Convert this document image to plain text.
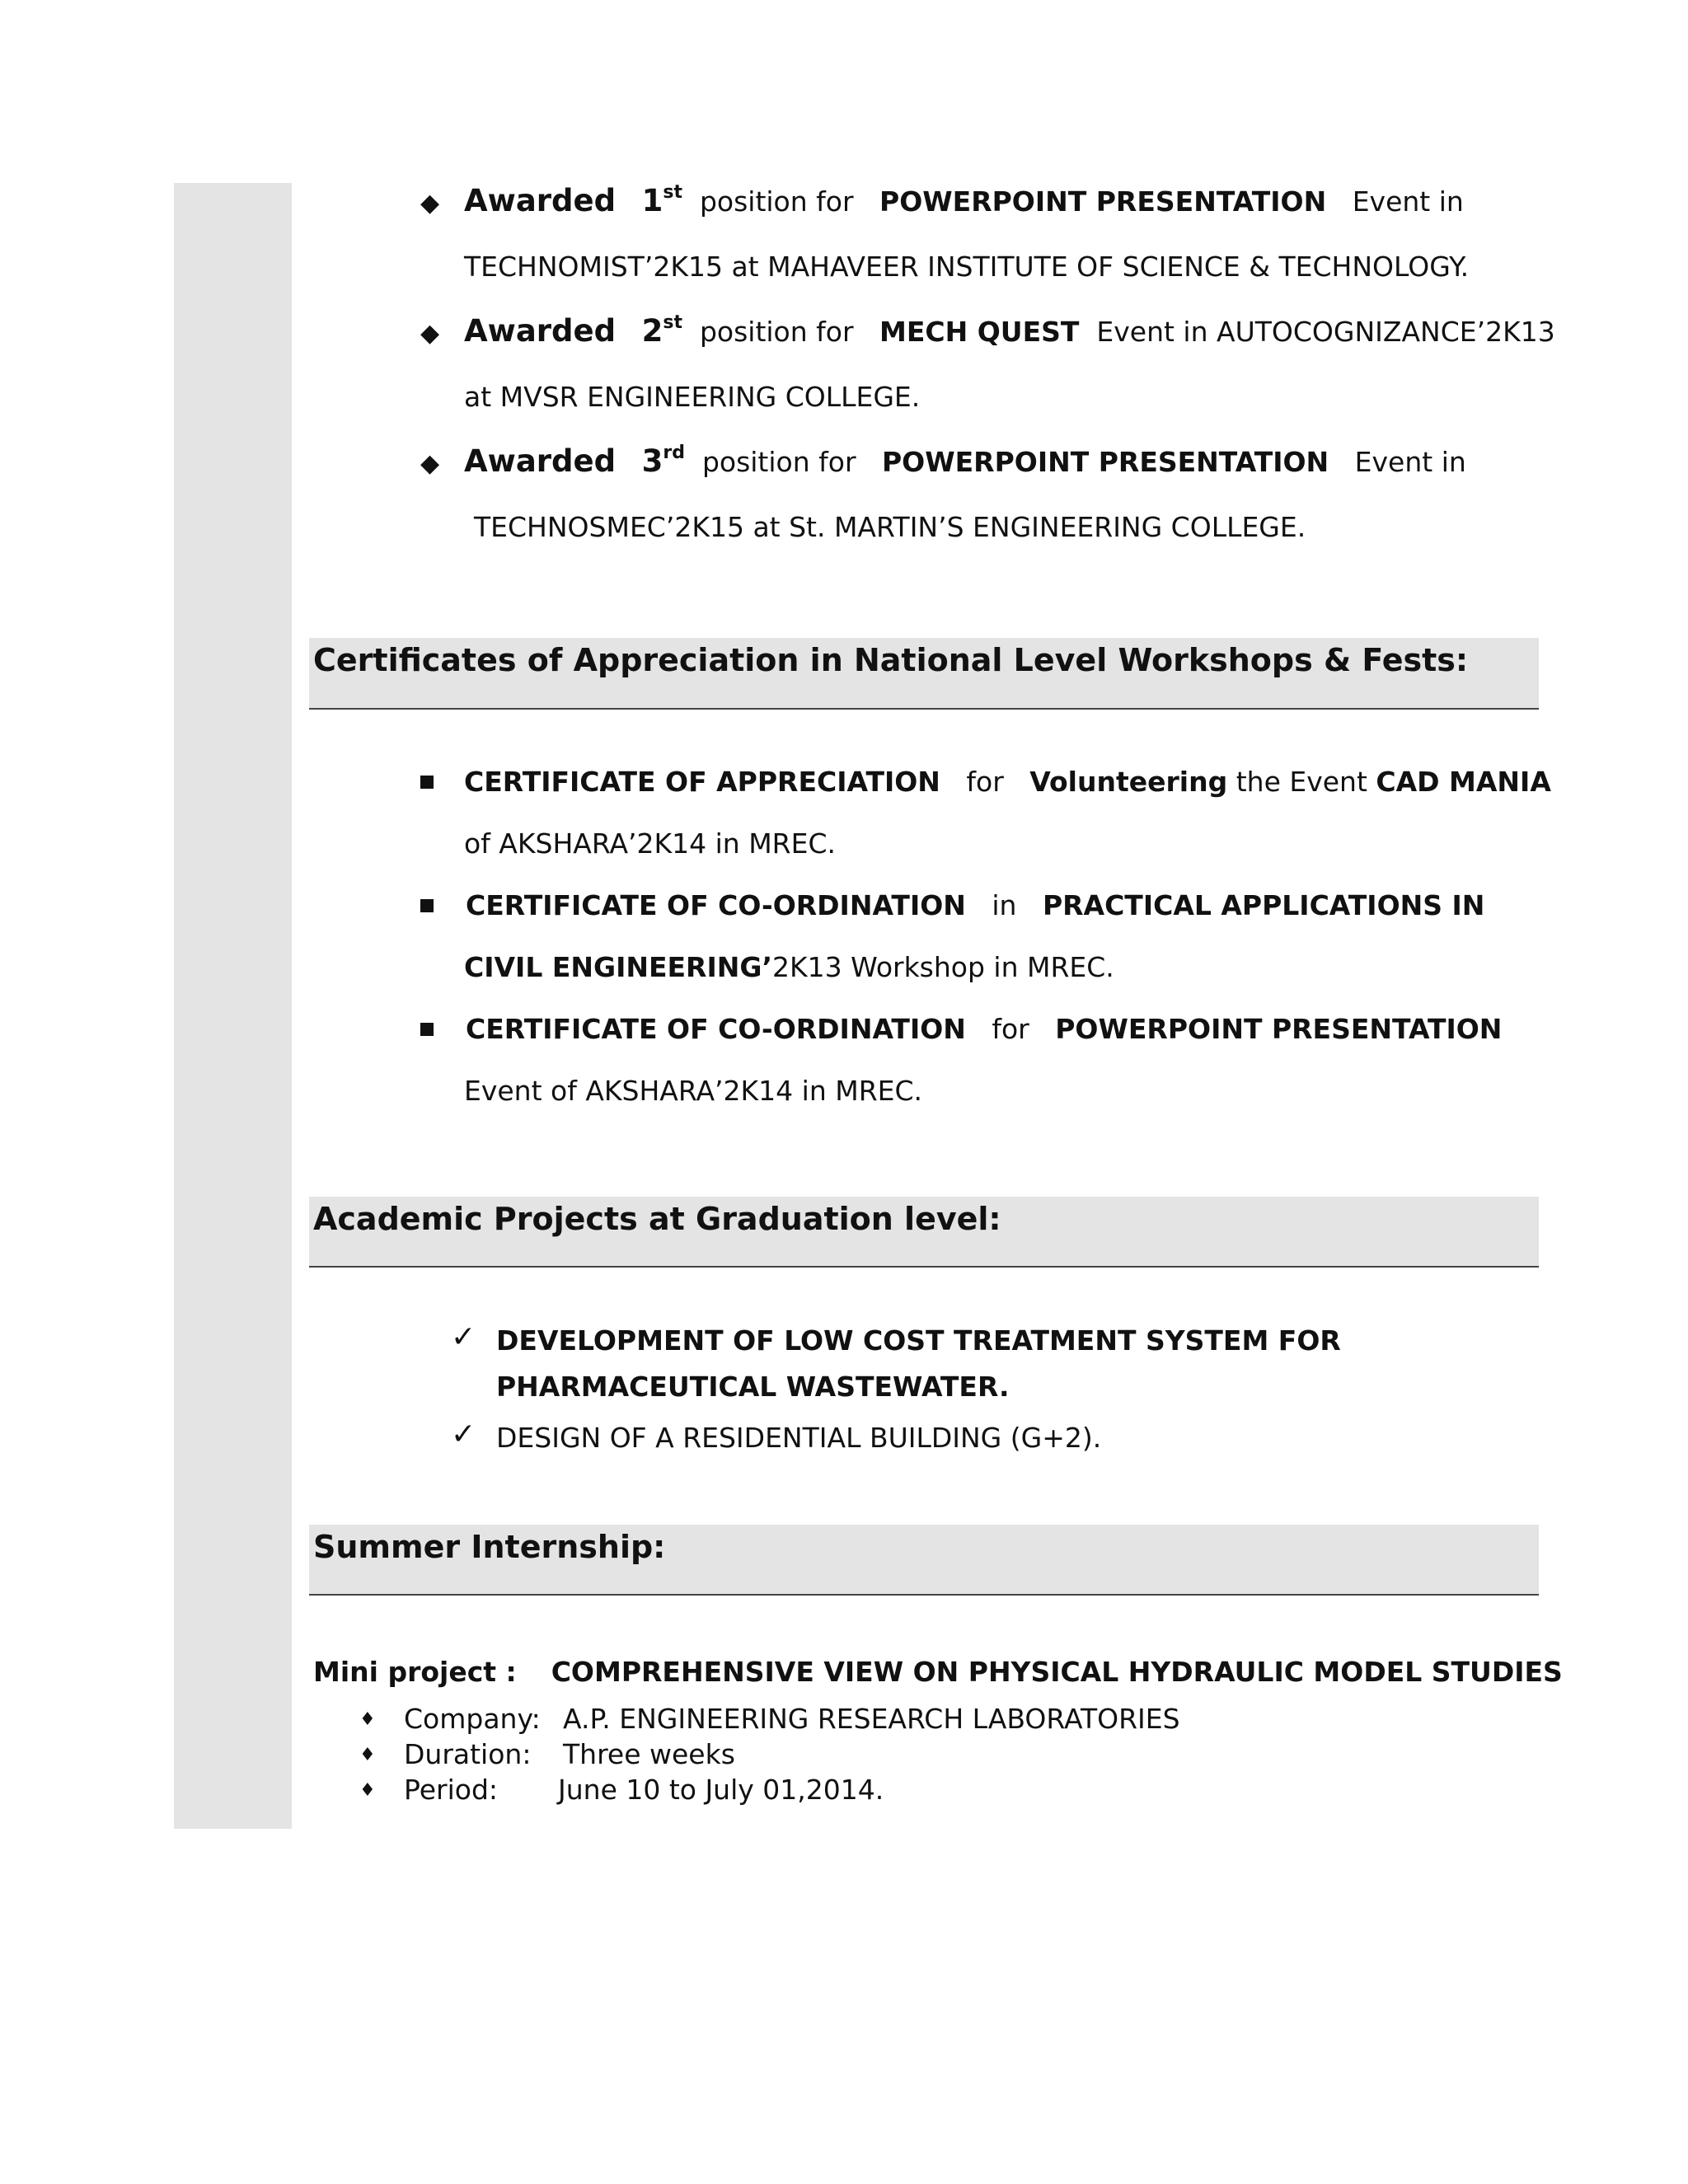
◆ Awarded 1st position for POWERPOINT PRESENTATION Event in
TECHNOMIST’2K15 at MAHAVEER INSTITUTE OF SCIENCE & TECHNOLOGY.
◆ Awarded 2st position for MECH QUEST Event in AUTOCOGNIZANCE’2K13
at MVSR ENGINEERING COLLEGE.
◆ Awarded 3rd position for POWERPOINT PRESENTATION Event in
TECHNOSMEC’2K15 at St. MARTIN’S ENGINEERING COLLEGE.
Certificates of Appreciation in National Level Workshops & Fests:
CERTIFICATE OF APPRECIATION for Volunteering the Event CAD MANIA
of AKSHARA’2K14 in MREC.
CERTIFICATE OF CO-ORDINATION in PRACTICAL APPLICATIONS IN
CIVIL ENGINEERING’2K13 Workshop in MREC.
CERTIFICATE OF CO-ORDINATION for POWERPOINT PRESENTATION
Event of AKSHARA’2K14 in MREC.
Academic Projects at Graduation level:
✓ DEVELOPMENT OF LOW COST TREATMENT SYSTEM FOR
PHARMACEUTICAL WASTEWATER.
✓ DESIGN OF A RESIDENTIAL BUILDING (G+2).
Summer Internship:
Mini project : COMPREHENSIVE VIEW ON PHYSICAL HYDRAULIC MODEL STUDIES
♦ Company: A.P. ENGINEERING RESEARCH LABORATORIES
♦ Duration: Three weeks
♦ Period: June 10 to July 01,2014.
